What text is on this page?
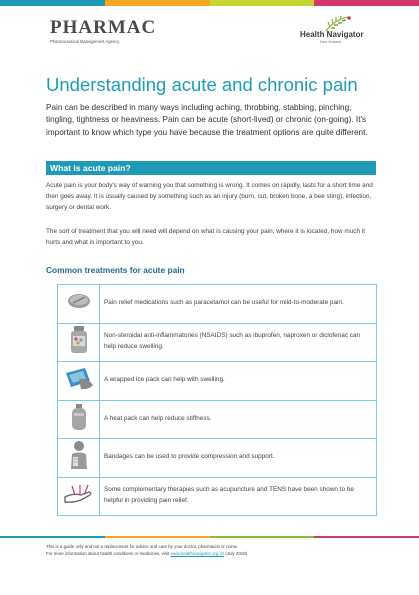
PHARMAC
Pharmaceutical Management Agency
Health Navigator
New Zealand
Understanding acute and chronic pain

Pain can be described in many ways including aching, throbbing, stabbing, pinching, tingling, tightness or heaviness. Pain can be acute (short-lived) or chronic (on-going). It's important to know which type you have because the treatment options are quite different.

What is acute pain?

Acute pain is your body's way of warning you that something is wrong. It comes on rapidly, lasts for a short time and then goes away. It is usually caused by something such as an injury (burn, cut, broken bone, a bee sting), infection, surgery or dental work.

The sort of treatment that you will need will depend on what is causing your pain, where it is located, how much it hurts and what is important to you.

Common treatments for acute pain
	Pain relief medications such as paracetamol can be useful for mild-to-moderate pain.
	Non-steroidal anti-inflammatories (NSAIDS) such as ibuprofen, naproxen or diclofenac can help reduce swelling.
	A wrapped ice pack can help with swelling.
	A heat pack can help reduce stiffness.
	Bandages can be used to provide compression and support.
	Some complementary therapies such as acupuncture and TENS have been shown to be helpful in providing pain relief.

This is a guide only and not a replacement for advice and care by your doctor, pharmacist or nurse.
For more information about health conditions or medicines, visit www.healthnavigator.org.nz (July 2018)
